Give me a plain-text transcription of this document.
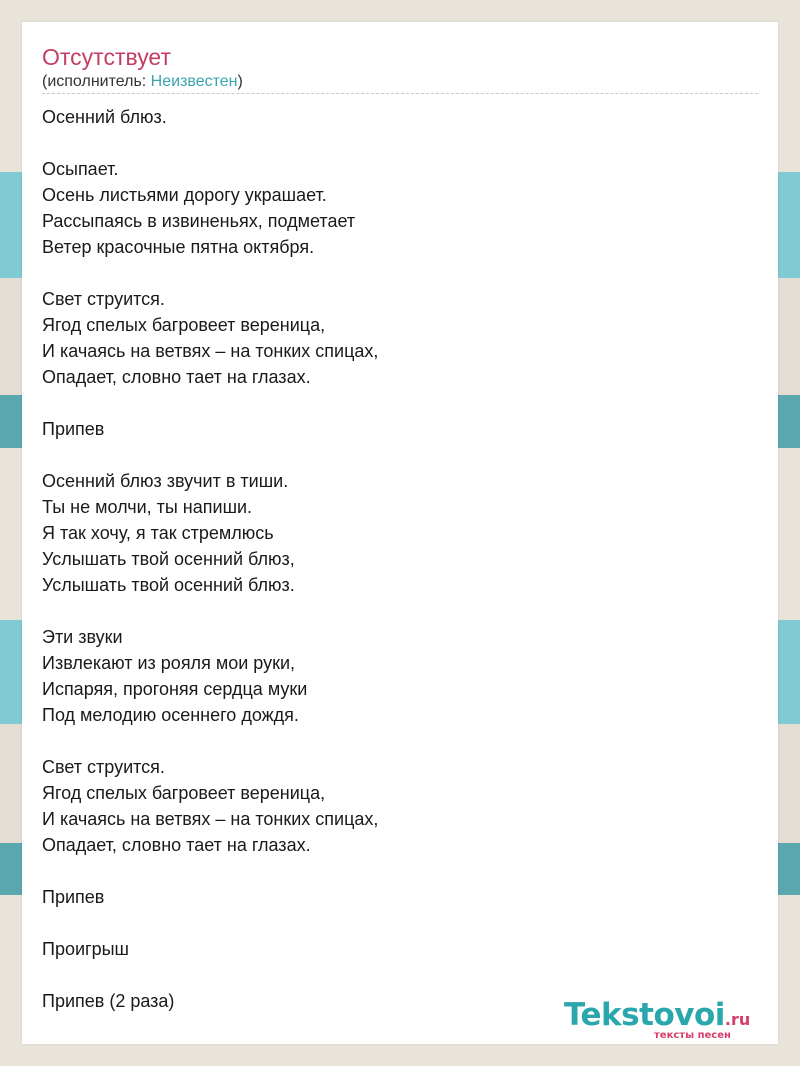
Отсутствует
(исполнитель: Неизвестен)
Осенний блюз.
Осыпает.
Осень листьями дорогу украшает.
Рассыпаясь в извиненьях, подметает
Ветер красочные пятна октября.
Свет струится.
Ягод спелых багровеет вереница,
И качаясь на ветвях – на тонких спицах,
Опадает, словно тает на глазах.
Припев
Осенний блюз звучит в тиши.
Ты не молчи, ты напиши.
Я так хочу, я так стремлюсь
Услышать твой осенний блюз,
Услышать твой осенний блюз.
Эти звуки
Извлекают из рояля мои руки,
Испаряя, прогоняя сердца муки
Под мелодию осеннего дождя.
Свет струится.
Ягод спелых багровеет вереница,
И качаясь на ветвях – на тонких спицах,
Опадает, словно тает на глазах.
Припев
Проигрыш
Припев (2 раза)	Tekstovoi.ru
тексты песен
